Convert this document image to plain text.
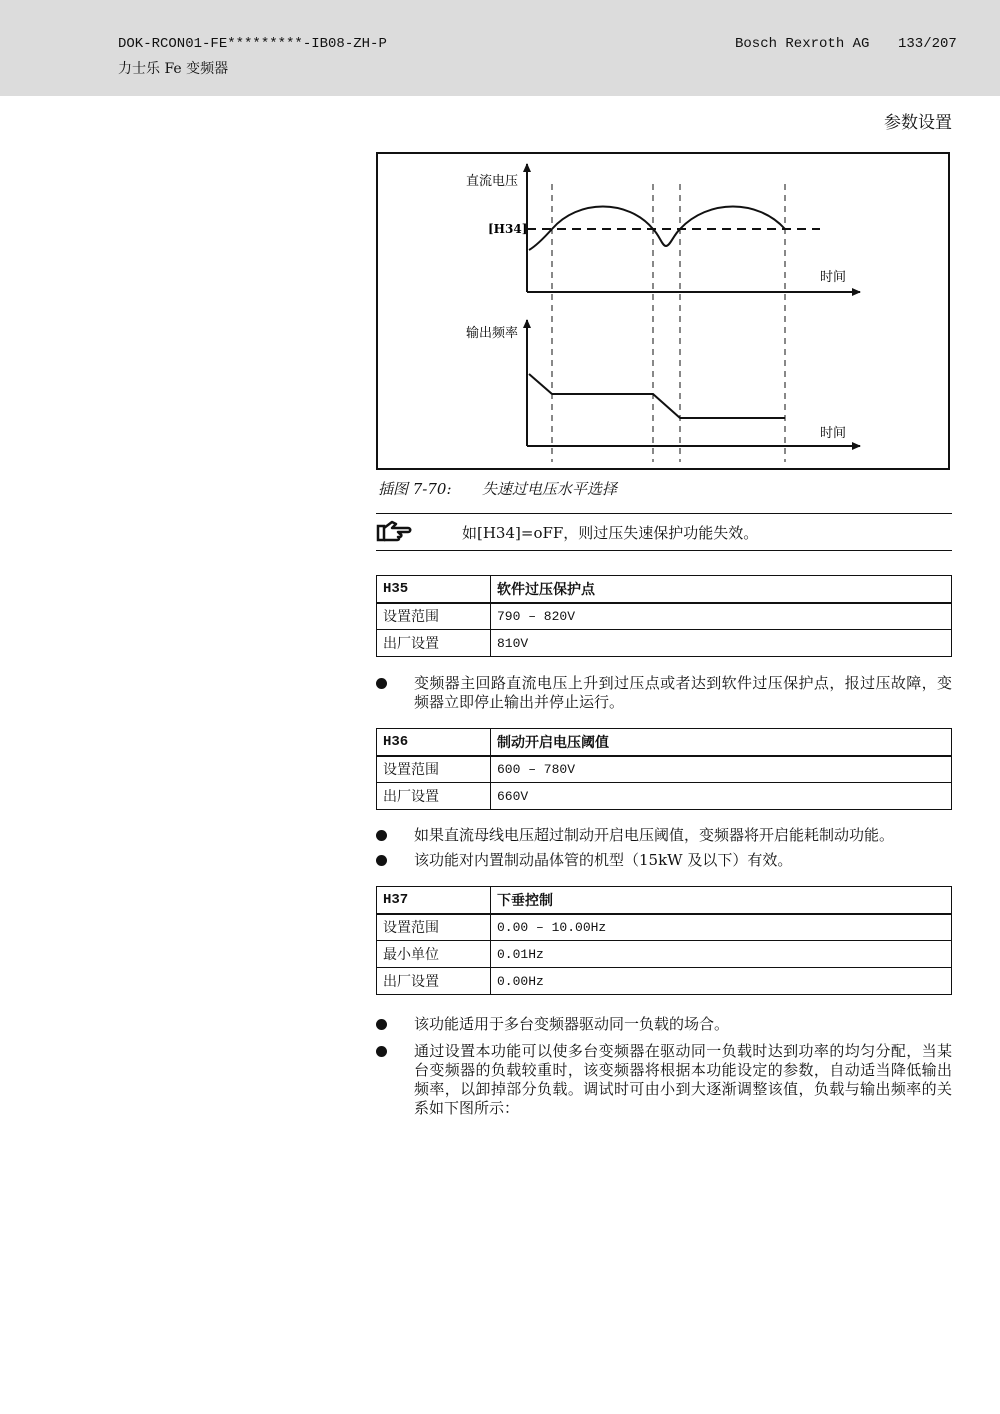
DOK-RCON01-FE*********-IB08-ZH-P
力士乐 Fe 变频器
Bosch Rexroth AG 133/207
参数设置
直流电压
[H34]
时间
输出频率
时间
插图 7-70: 失速过电压水平选择
如[H34]=oFF，则过压失速保护功能失效。
H35	软件过压保护点
设置范围	790 – 820V
出厂设置	810V
变频器主回路直流电压上升到过压点或者达到软件过压保护点，报过压故障，变频器立即停止输出并停止运行。
H36	制动开启电压阈值
设置范围	600 – 780V
出厂设置	660V
如果直流母线电压超过制动开启电压阈值，变频器将开启能耗制动功能。
该功能对内置制动晶体管的机型（15kW 及以下）有效。
H37	下垂控制
设置范围	0.00 – 10.00Hz
最小单位	0.01Hz
出厂设置	0.00Hz
该功能适用于多台变频器驱动同一负载的场合。
通过设置本功能可以使多台变频器在驱动同一负载时达到功率的均匀分配，当某台变频器的负载较重时，该变频器将根据本功能设定的参数，自动适当降低输出频率，以卸掉部分负载。调试时可由小到大逐渐调整该值，负载与输出频率的关系如下图所示：
